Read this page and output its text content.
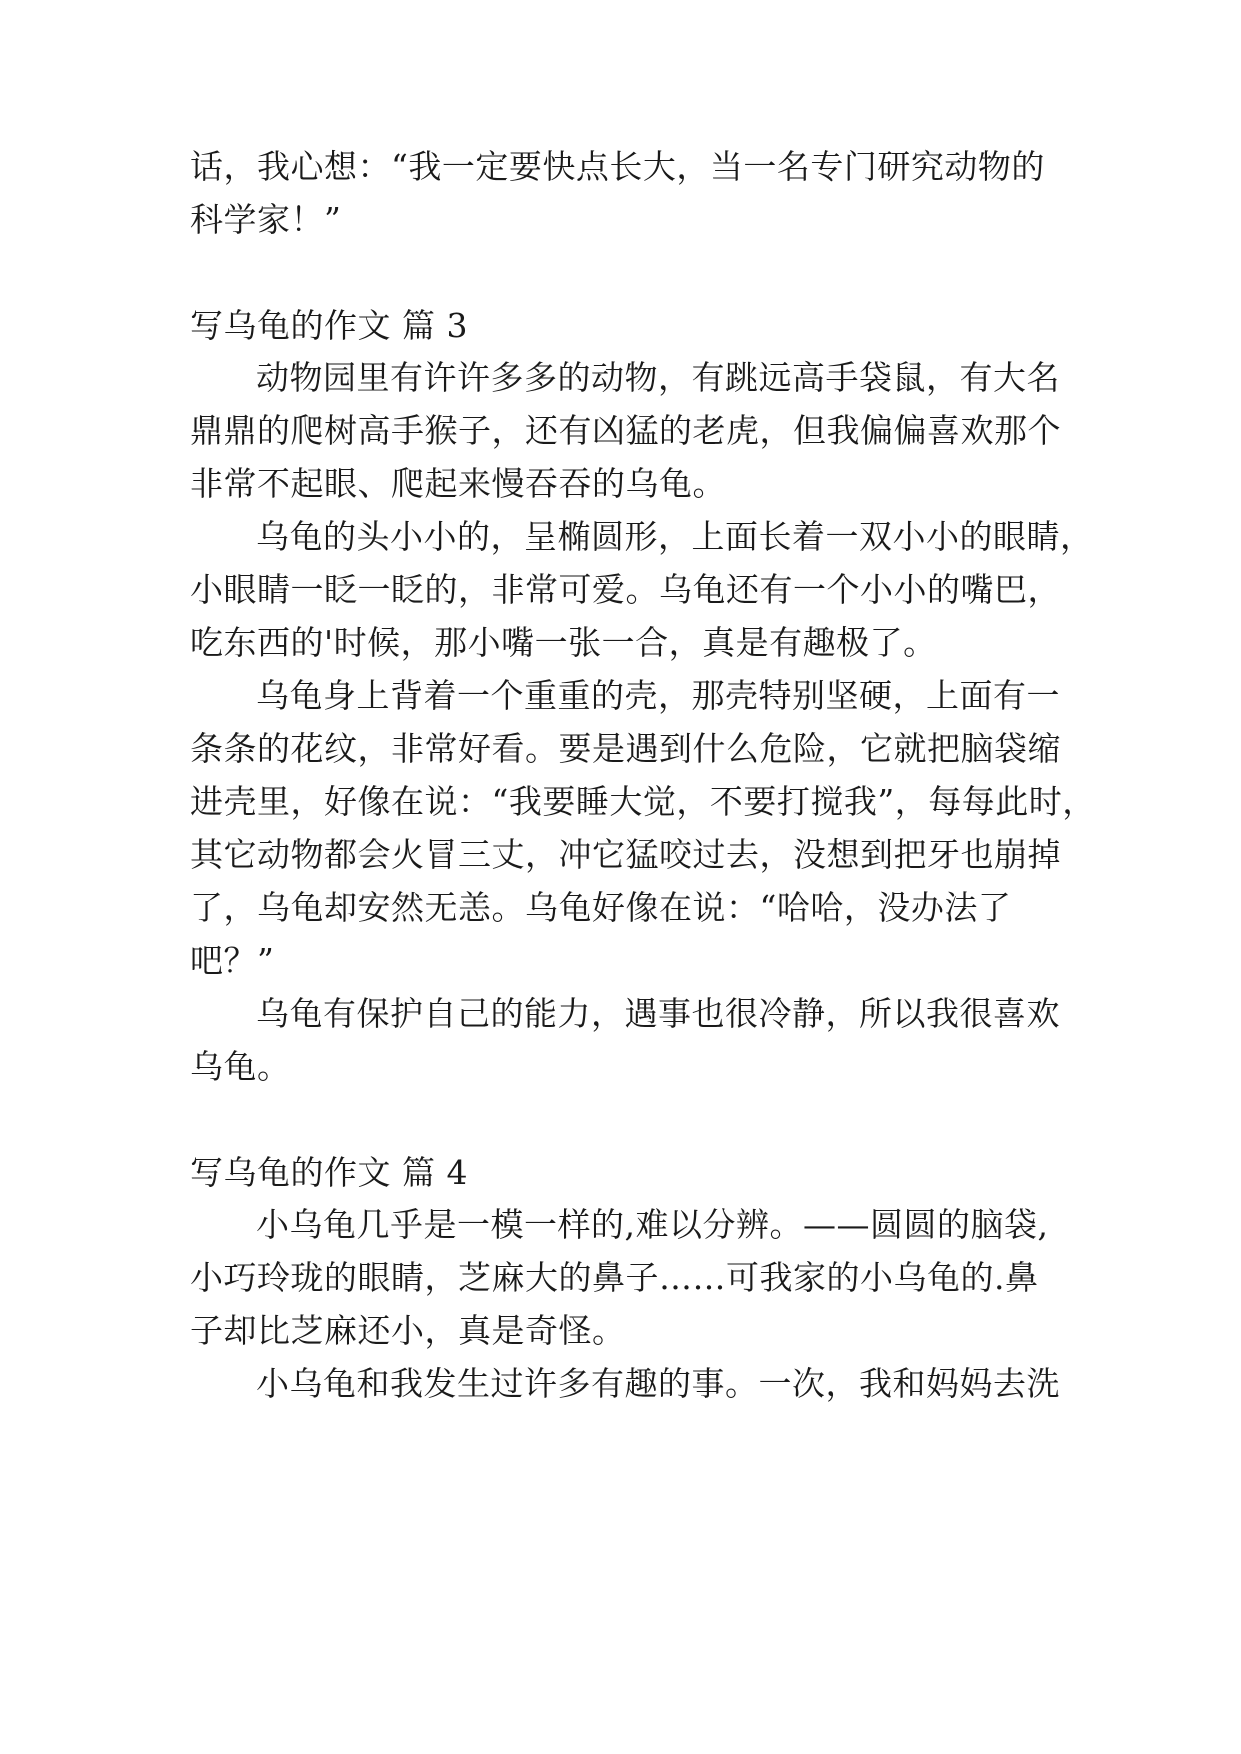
话，我心想：“我一定要快点长大，当一名专门研究动物的
科学家！”
写乌龟的作文 篇 3
动物园里有许许多多的动物，有跳远高手袋鼠，有大名
鼎鼎的爬树高手猴子，还有凶猛的老虎，但我偏偏喜欢那个
非常不起眼、爬起来慢吞吞的乌龟。
乌龟的头小小的，呈椭圆形，上面长着一双小小的眼睛，
小眼睛一眨一眨的，非常可爱。乌龟还有一个小小的嘴巴，
吃东西的'时候，那小嘴一张一合，真是有趣极了。
乌龟身上背着一个重重的壳，那壳特别坚硬，上面有一
条条的花纹，非常好看。要是遇到什么危险，它就把脑袋缩
进壳里，好像在说：“我要睡大觉，不要打搅我”，每每此时，
其它动物都会火冒三丈，冲它猛咬过去，没想到把牙也崩掉
了，乌龟却安然无恙。乌龟好像在说：“哈哈，没办法了
吧？”
乌龟有保护自己的能力，遇事也很冷静，所以我很喜欢
乌龟。
写乌龟的作文 篇 4
小乌龟几乎是一模一样的,难以分辨。——圆圆的脑袋,
小巧玲珑的眼睛，芝麻大的鼻子……可我家的小乌龟的.鼻
子却比芝麻还小，真是奇怪。
小乌龟和我发生过许多有趣的事。一次，我和妈妈去洗
